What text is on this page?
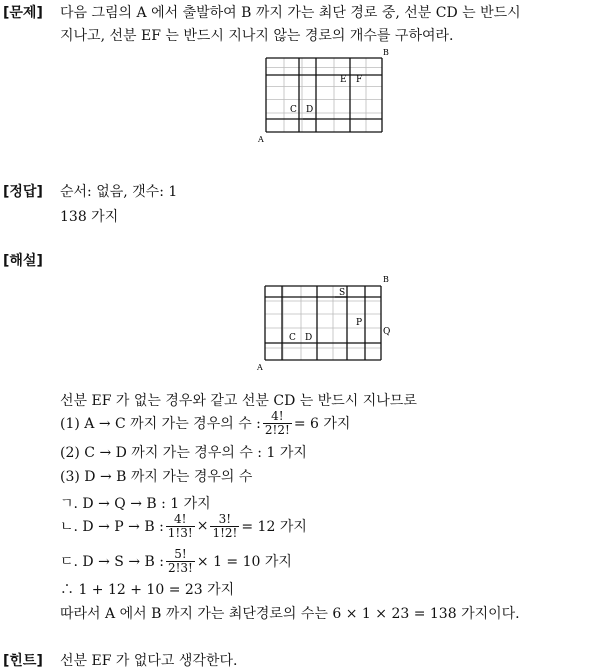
[문제] 다음 그림의 A 에서 출발하여 B 까지 가는 최단 경로 중, 선분 CD 는 반드시
지나고, 선분 EF 는 반드시 지나지 않는 경로의 개수를 구하여라.
B
A
E F
C D
[정답] 순서: 없음, 갯수: 1
138 가지
[해설]
B
A
S
P
Q
C D
선분 EF 가 없는 경우와 같고 선분 CD 는 반드시 지나므로
(1) A → C 까지 가는 경우의 수 : $\frac{4!}{2!2!} = 6$ 가지
(2) C → D 까지 가는 경우의 수 : 1 가지
(3) D → B 까지 가는 경우의 수
ㄱ. D → Q → B : 1 가지
ㄴ. D → P → B : $\frac{4!}{1!3!} \times \frac{3!}{1!2!} = 12$ 가지
ㄷ. D → S → B : $\frac{5!}{2!3!} \times 1 = 10$ 가지
∴ 1 + 12 + 10 = 23 가지
따라서 A 에서 B 까지 가는 최단경로의 수는 6 × 1 × 23 = 138 가지이다.
[힌트] 선분 EF 가 없다고 생각한다.
